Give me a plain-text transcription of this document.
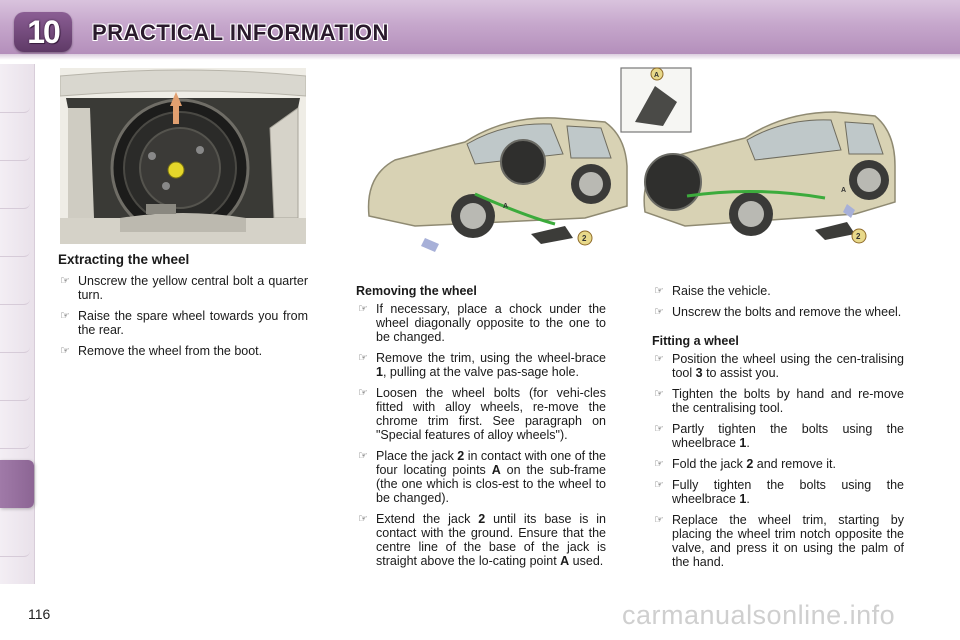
10	PRACTICAL INFORMATION
A
2
A
2
A
Extracting the wheel
☞ Unscrew the yellow central bolt a quarter turn.
☞ Raise the spare wheel towards you from the rear.
☞ Remove the wheel from the boot.
Removing the wheel
☞ If necessary, place a chock under the wheel diagonally opposite to the one to be changed.
☞ Remove the trim, using the wheel-brace 1, pulling at the valve pas-sage hole.
☞ Loosen the wheel bolts (for vehi-cles fitted with alloy wheels, re-move the chrome trim first. See paragraph on "Special features of alloy wheels").
☞ Place the jack 2 in contact with one of the four locating points A on the sub-frame (the one which is clos-est to the wheel to be changed).
☞ Extend the jack 2 until its base is in contact with the ground. Ensure that the centre line of the base of the jack is straight above the lo-cating point A used.
☞ Raise the vehicle.
☞ Unscrew the bolts and remove the wheel.
Fitting a wheel
☞ Position the wheel using the cen-tralising tool 3 to assist you.
☞ Tighten the bolts by hand and re-move the centralising tool.
☞ Partly tighten the bolts using the wheelbrace 1.
☞ Fold the jack 2 and remove it.
☞ Fully tighten the bolts using the wheelbrace 1.
☞ Replace the wheel trim, starting by placing the wheel trim notch opposite the valve, and press it on using the palm of the hand.
116	carmanualsonline.info
